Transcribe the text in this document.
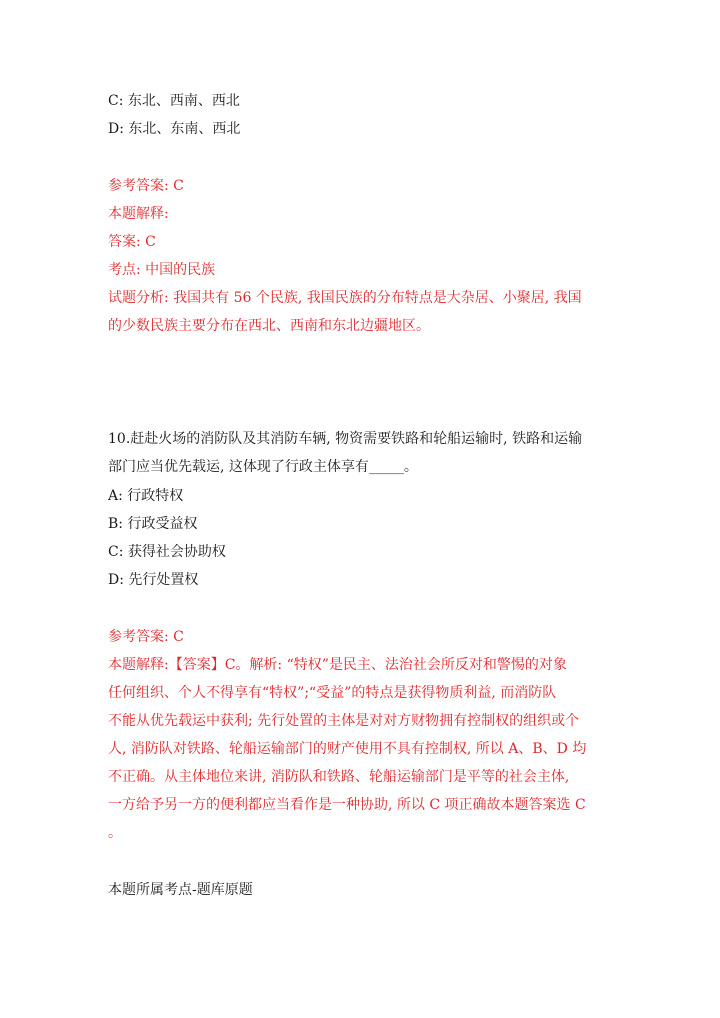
C: 东北、西南、西北
D: 东北、东南、西北
参考答案: C
本题解释:
答案: C
考点: 中国的民族
试题分析: 我国共有 56 个民族, 我国民族的分布特点是大杂居、小聚居, 我国
的少数民族主要分布在西北、西南和东北边疆地区。
10.赶赴火场的消防队及其消防车辆, 物资需要铁路和轮船运输时, 铁路和运输
部门应当优先载运, 这体现了行政主体享有_____。
A: 行政特权
B: 行政受益权
C: 获得社会协助权
D: 先行处置权
参考答案: C
本题解释:【答案】C。解析: “特权”是民主、法治社会所反对和警惕的对象
任何组织、个人不得享有“特权”;“受益”的特点是获得物质利益, 而消防队
不能从优先载运中获利; 先行处置的主体是对对方财物拥有控制权的组织或个
人, 消防队对铁路、轮船运输部门的财产使用不具有控制权, 所以 A、B、D 均
不正确。从主体地位来讲, 消防队和铁路、轮船运输部门是平等的社会主体,
一方给予另一方的便利都应当看作是一种协助, 所以 C 项正确故本题答案选 C
。
本题所属考点-题库原题
